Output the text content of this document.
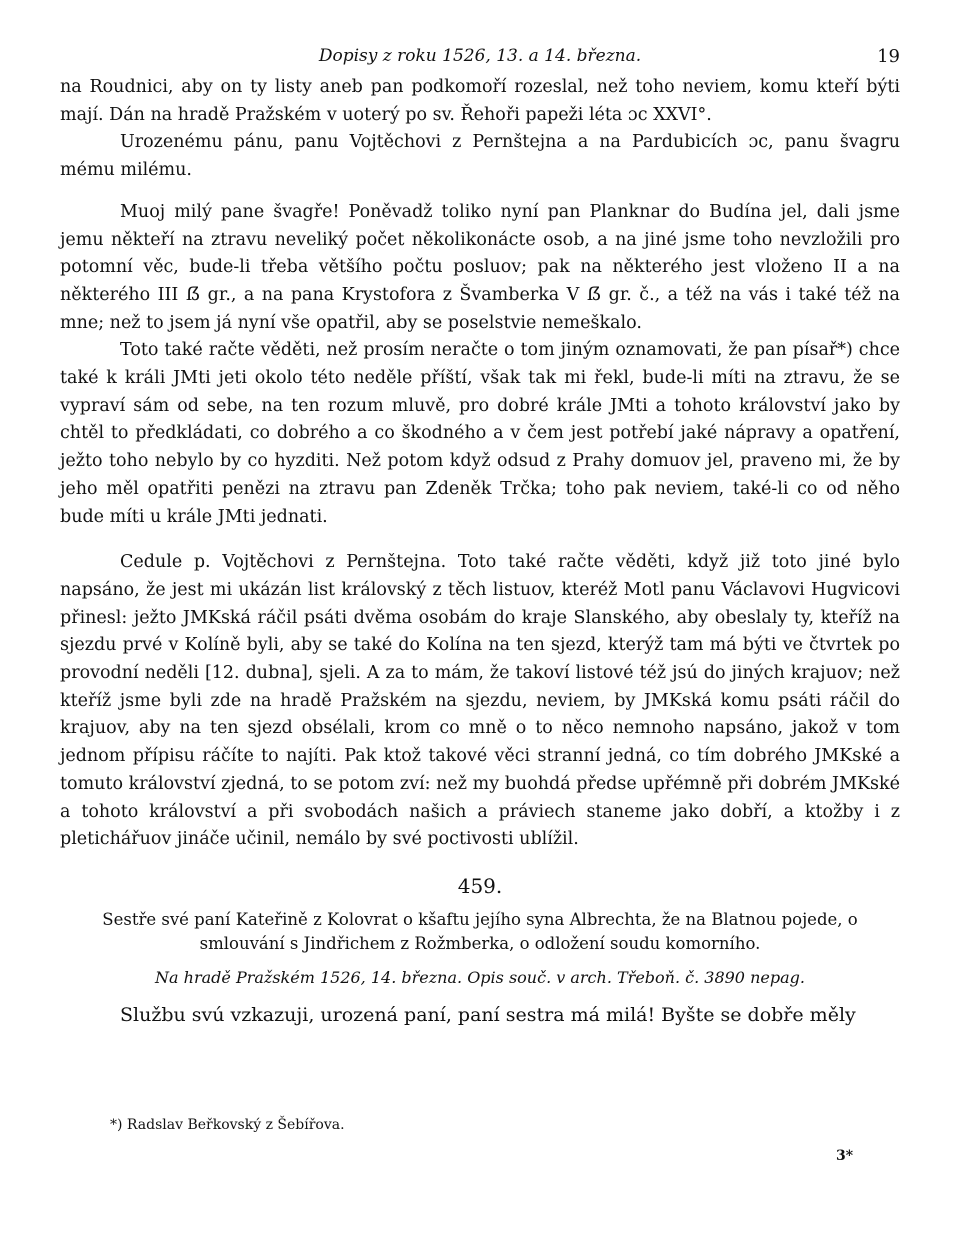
Dopisy z roku 1526, 13. a 14. března.	19

na Roudnici, aby on ty listy aneb pan podkomoří rozeslal, než toho neviem, komu kteří býti mají. Dán na hradě Pražském v uoterý po sv. Řehoři papeži léta ɔc XXVI°.

Urozenému pánu, panu Vojtěchovi z Pernštejna a na Pardubicích ɔc, panu švagru mému milému.

Muoj milý pane švagře! Poněvadž toliko nyní pan Planknar do Budína jel, dali jsme jemu někteří na ztravu neveliký počet několikonácte osob, a na jiné jsme toho nevzložili pro potomní věc, bude-li třeba většího počtu posluov; pak na některého jest vloženo II a na některého III ẞ gr., a na pana Krystofora z Švamberka V ẞ gr. č., a též na vás i také též na mne; než to jsem já nyní vše opatřil, aby se poselstvie nemeškalo.

Toto také račte věděti, než prosím neračte o tom jiným oznamovati, že pan písař*) chce také k králi JMti jeti okolo této neděle příští, však tak mi řekl, bude-li míti na ztravu, že se vypraví sám od sebe, na ten rozum mluvě, pro dobré krále JMti a tohoto království jako by chtěl to předkládati, co dobrého a co škodného a v čem jest potřebí jaké nápravy a opatření, ježto toho nebylo by co hyzditi. Než potom když odsud z Prahy domuov jel, praveno mi, že by jeho měl opatřiti penězi na ztravu pan Zdeněk Trčka; toho pak neviem, také-li co od něho bude míti u krále JMti jednati.

Cedule p. Vojtěchovi z Pernštejna. Toto také račte věděti, když již toto jiné bylo napsáno, že jest mi ukázán list královský z těch listuov, kteréž Motl panu Václavovi Hugvicovi přinesl: ježto JMKská ráčil psáti dvěma osobám do kraje Slanského, aby obeslaly ty, kteříž na sjezdu prvé v Kolíně byli, aby se také do Kolína na ten sjezd, kterýž tam má býti ve čtvrtek po provodní neděli [12. dubna], sjeli. A za to mám, že takoví listové též jsú do jiných krajuov; než kteříž jsme byli zde na hradě Pražském na sjezdu, neviem, by JMKská komu psáti ráčil do krajuov, aby na ten sjezd obsélali, krom co mně o to něco nemnoho napsáno, jakož v tom jednom přípisu ráčíte to najíti. Pak ktož takové věci stranní jedná, co tím dobrého JMKské a tomuto království zjedná, to se potom zví: než my buohdá předse upřémně při dobrém JMKské a tohoto království a při svobodách našich a práviech staneme jako dobří, a ktožby i z pletichářuov jináče učinil, nemálo by své poctivosti ublížil.

459.
Sestře své paní Kateřině z Kolovrat o kšaftu jejího syna Albrechta, že na Blatnou pojede, o smlouvání s Jindřichem z Rožmberka, o odložení soudu komorního.
Na hradě Pražském 1526, 14. března. Opis souč. v arch. Třeboň. č. 3890 nepag.

Službu svú vzkazuji, urozená paní, paní sestra má milá! Byšte se dobře měly

*) Radslav Beřkovský z Šebířova.
3*
